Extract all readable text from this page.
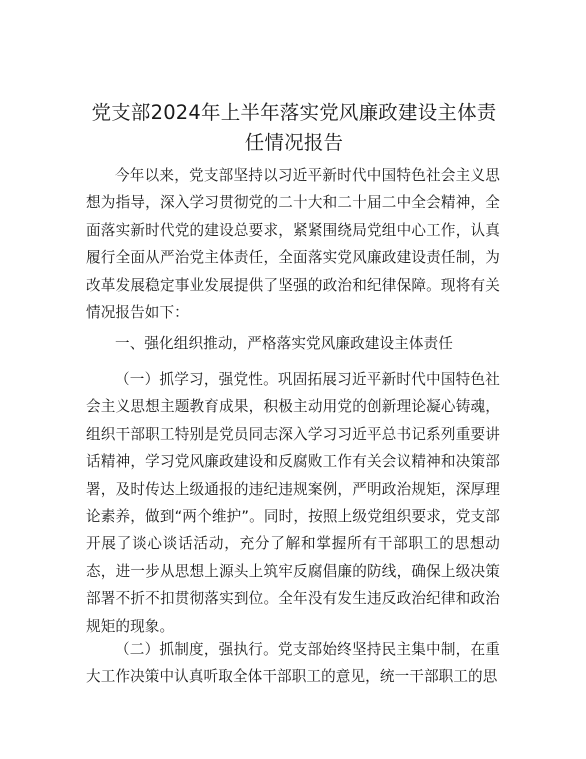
党支部2024年上半年落实党风廉政建设主体责任情况报告

今年以来，党支部坚持以习近平新时代中国特色社会主义思想为指导，深入学习贯彻党的二十大和二十届二中全会精神，全面落实新时代党的建设总要求，紧紧围绕局党组中心工作，认真履行全面从严治党主体责任，全面落实党风廉政建设责任制，为改革发展稳定事业发展提供了坚强的政治和纪律保障。现将有关情况报告如下：

一、强化组织推动，严格落实党风廉政建设主体责任

（一）抓学习，强党性。巩固拓展习近平新时代中国特色社会主义思想主题教育成果，积极主动用党的创新理论凝心铸魂，组织干部职工特别是党员同志深入学习习近平总书记系列重要讲话精神，学习党风廉政建设和反腐败工作有关会议精神和决策部署，及时传达上级通报的违纪违规案例，严明政治规矩，深厚理论素养，做到“两个维护”。同时，按照上级党组织要求，党支部开展了谈心谈话活动，充分了解和掌握所有干部职工的思想动态，进一步从思想上源头上筑牢反腐倡廉的防线，确保上级决策部署不折不扣贯彻落实到位。全年没有发生违反政治纪律和政治规矩的现象。

（二）抓制度，强执行。党支部始终坚持民主集中制，在重大工作决策中认真听取全体干部职工的意见，统一干部职工的思
